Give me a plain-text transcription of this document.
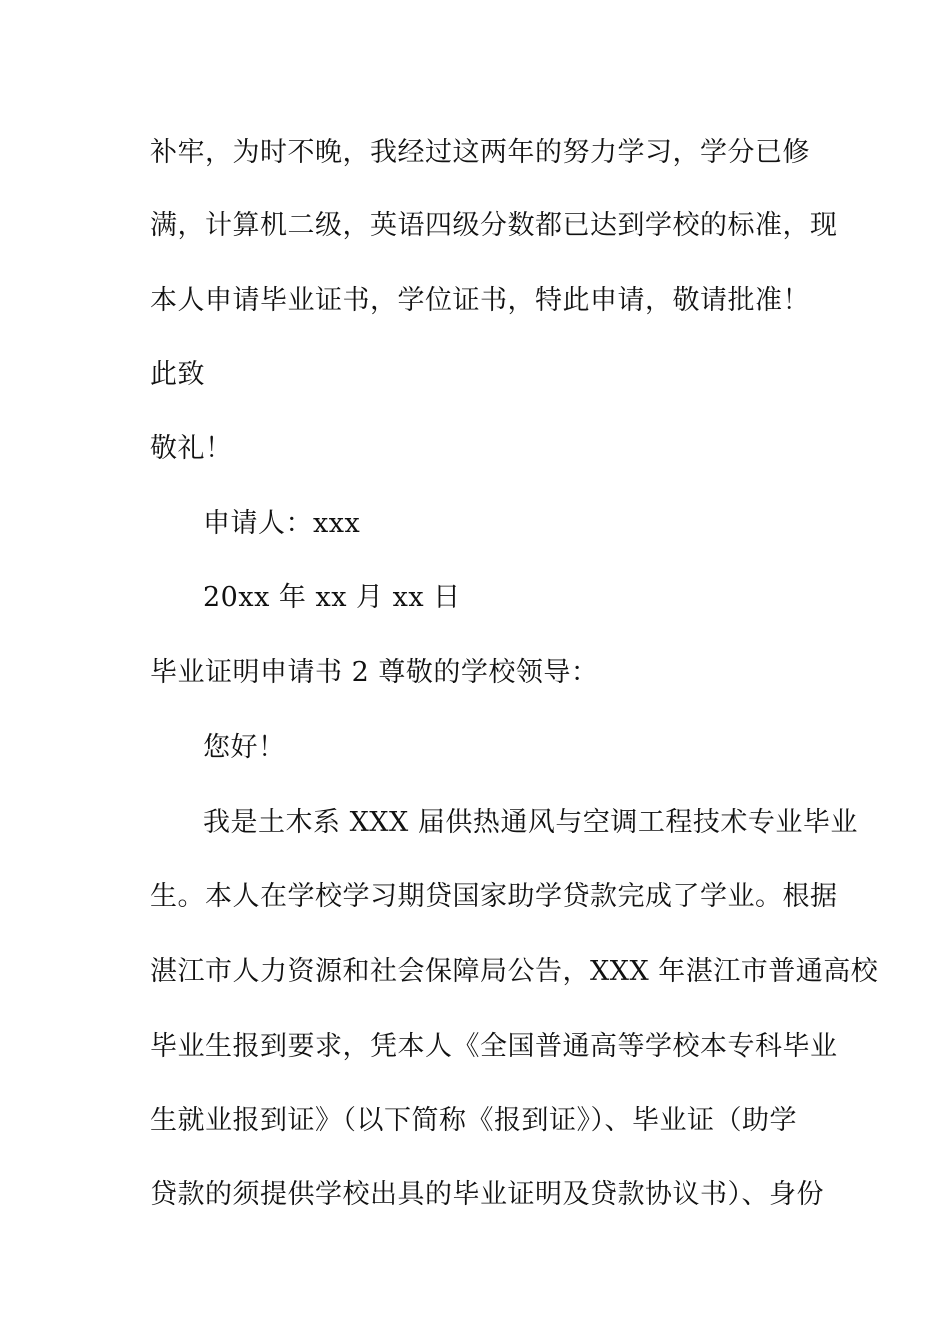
补牢，为时不晚，我经过这两年的努力学习，学分已修
满，计算机二级，英语四级分数都已达到学校的标准，现
本人申请毕业证书，学位证书，特此申请，敬请批准！
此致
敬礼！
申请人：xxx
20xx 年 xx 月 xx 日
毕业证明申请书 2 尊敬的学校领导：
您好！
我是土木系 XXX 届供热通风与空调工程技术专业毕业
生。本人在学校学习期贷国家助学贷款完成了学业。根据
湛江市人力资源和社会保障局公告，XXX 年湛江市普通高校
毕业生报到要求，凭本人《全国普通高等学校本专科毕业
生就业报到证》（以下简称《报到证》）、毕业证（助学
贷款的须提供学校出具的毕业证明及贷款协议书）、身份
